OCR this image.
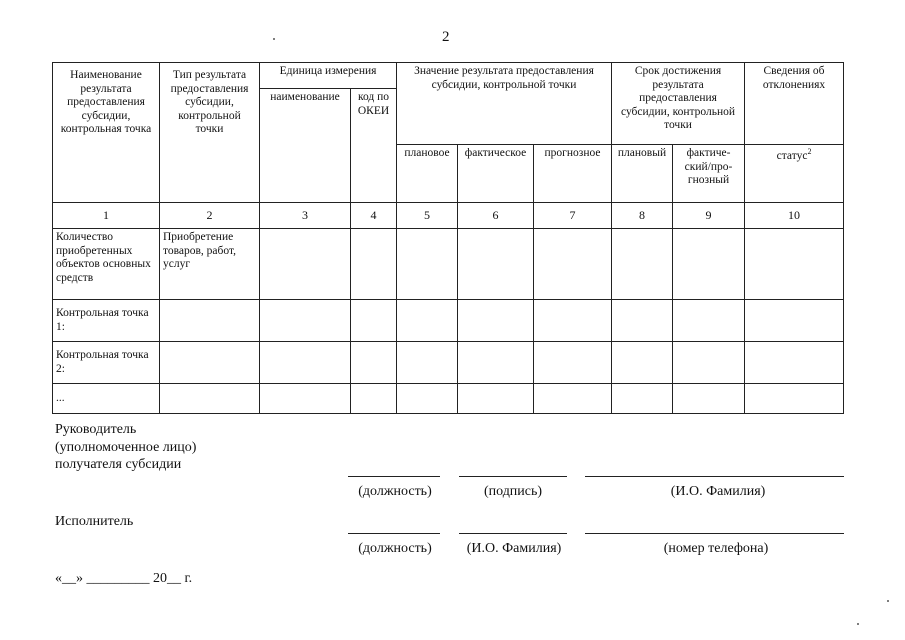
2
Наименование результата предоставления субсидии, контрольная точка	Тип результата предоставления субсидии, контрольной точки	Единица измерения		Значение результата предоставления субсидии, контрольной точки			Срок достижения результата предоставления субсидии, контрольной точки		Сведения об отклонениях
		наименование	код по ОКЕИ						
				плановое	фактическое	прогнозное	плановый	фактиче-ский/про-гнозный	статус$^2$
1	2	3	4	5	6	7	8	9	10
Количество приобретенных объектов основных средств	Приобретение товаров, работ, услуг								
Контрольная точка 1:									
Контрольная точка 2:									
...									
Руководитель
(уполномоченное лицо)
получателя субсидии
(должность)	(подпись)	(И.О. Фамилия)
Исполнитель
(должность)	(И.О. Фамилия)	(номер телефона)
«__» _________ 20__ г.
